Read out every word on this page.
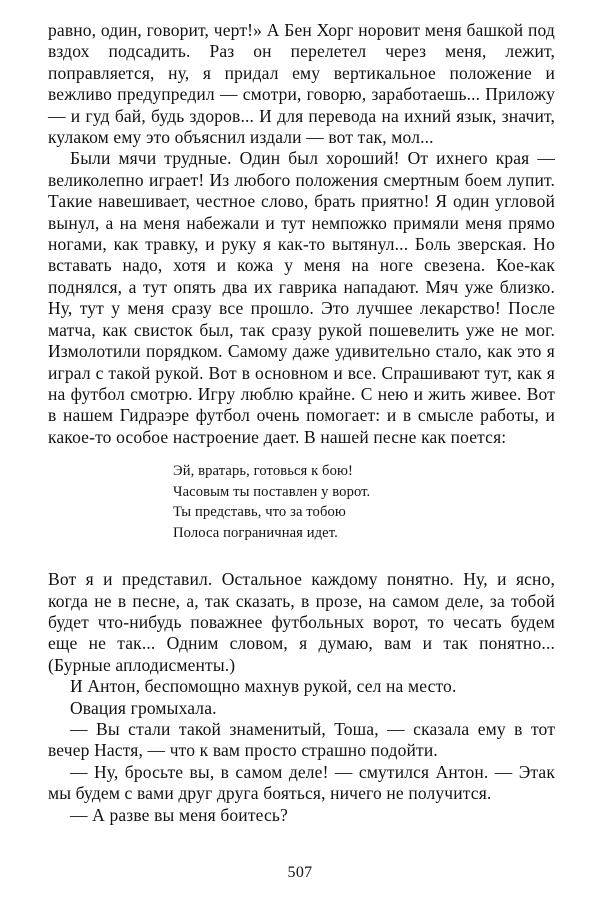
равно, один, говорит, черт!» А Бен Хорг норовит меня башкой под вздох подсадить. Раз он перелетел через меня, лежит, поправляется, ну, я придал ему вертикальное положение и вежливо предупредил — смотри, говорю, заработаешь... Приложу — и гуд бай, будь здоров... И для перевода на ихний язык, значит, кулаком ему это объяснил издали — вот так, мол...

Были мячи трудные. Один был хороший! От ихнего края — великолепно играет! Из любого положения смертным боем лупит. Такие навешивает, честное слово, брать приятно! Я один угловой вынул, а на меня набежали и тут немпожко примяли меня прямо ногами, как травку, и руку я как-то вытянул... Боль зверская. Но вставать надо, хотя и кожа у меня на ноге свезена. Кое-как поднялся, а тут опять два их гаврика нападают. Мяч уже близко. Ну, тут у меня сразу все прошло. Это лучшее лекарство! После матча, как свисток был, так сразу рукой пошевелить уже не мог. Измолотили порядком. Самому даже удивительно стало, как это я играл с такой рукой. Вот в основном и все. Спрашивают тут, как я на футбол смотрю. Игру люблю крайне. С нею и жить живее. Вот в нашем Гидраэре футбол очень помогает: и в смысле работы, и какое-то особое настроение дает. В нашей песне как поется:

Эй, вратарь, готовься к бою!
Часовым ты поставлен у ворот.
Ты представь, что за тобою
Полоса пограничная идет.

Вот я и представил. Остальное каждому понятно. Ну, и ясно, когда не в песне, а, так сказать, в прозе, на самом деле, за тобой будет что-нибудь поважнее футбольных ворот, то чесать будем еще не так... Одним словом, я думаю, вам и так понятно... (Бурные аплодисменты.)

И Антон, беспомощно махнув рукой, сел на место.

Овация громыхала.

— Вы стали такой знаменитый, Тоша, — сказала ему в тот вечер Настя, — что к вам просто страшно подойти.

— Ну, бросьте вы, в самом деле! — смутился Антон. — Этак мы будем с вами друг друга бояться, ничего не получится.

— А разве вы меня боитесь?

507
